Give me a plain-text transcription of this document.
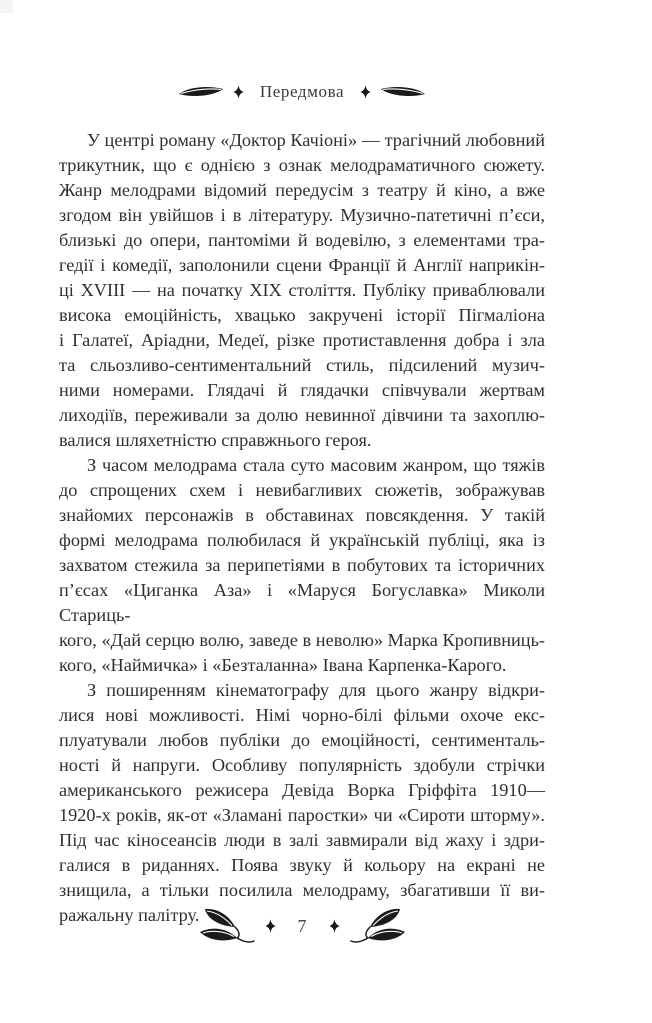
Передмова
У центрі роману «Доктор Качіоні» — трагічний любовний
трикутник, що є однією з ознак мелодраматичного сюжету.
Жанр мелодрами відомий передусім з театру й кіно, а вже
згодом він увійшов і в літературу. Музично-патетичні п’єси,
близькі до опери, пантоміми й водевілю, з елементами тра-
гедії і комедії, заполонили сцени Франції й Англії наприкін-
ці XVIII — на початку XIX століття. Публіку приваблювали
висока емоційність, хвацько закручені історії Пігмаліона
і Галатеї, Аріадни, Медеї, різке протиставлення добра і зла
та сльозливо-сентиментальний стиль, підсилений музич-
ними номерами. Глядачі й глядачки співчували жертвам
лиходіїв, переживали за долю невинної дівчини та захоплю-
валися шляхетністю справжнього героя.
З часом мелодрама стала суто масовим жанром, що тяжів
до спрощених схем і невибагливих сюжетів, зображував
знайомих персонажів в обставинах повсякдення. У такій
формі мелодрама полюбилася й українській публіці, яка із
захватом стежила за перипетіями в побутових та історичних
п’єсах «Циганка Аза» і «Маруся Богуславка» Миколи Стариць-
кого, «Дай серцю волю, заведе в неволю» Марка Кропивниць-
кого, «Наймичка» і «Безталанна» Івана Карпенка-Карого.
З поширенням кінематографу для цього жанру відкри-
лися нові можливості. Німі чорно-білі фільми охоче екс-
плуатували любов публіки до емоційності, сентименталь-
ності й напруги. Особливу популярність здобули стрічки
американського режисера Девіда Ворка Гріффіта 1910—
1920-х років, як-от «Зламані паростки» чи «Сироти шторму».
Під час кіносеансів люди в залі завмирали від жаху і здри-
галися в риданнях. Поява звуку й кольору на екрані не
знищила, а тільки посилила мелодраму, збагативши її ви-
ражальну палітру.
7
